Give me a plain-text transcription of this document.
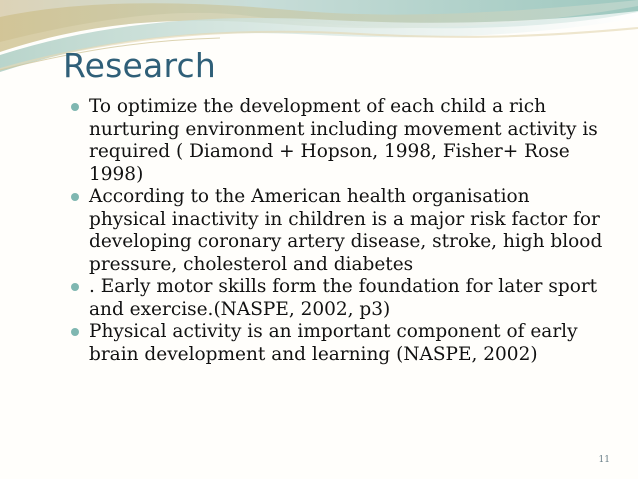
Research
To optimize the development of each child a rich nurturing environment including movement activity is required ( Diamond + Hopson, 1998, Fisher+ Rose 1998)
According to the American health organisation physical inactivity in children is a major risk factor for developing coronary artery disease, stroke, high blood pressure, cholesterol and diabetes
. Early motor skills form the foundation for later sport and exercise.(NASPE, 2002, p3)
Physical activity is an important component of early brain development and learning (NASPE, 2002)
11
